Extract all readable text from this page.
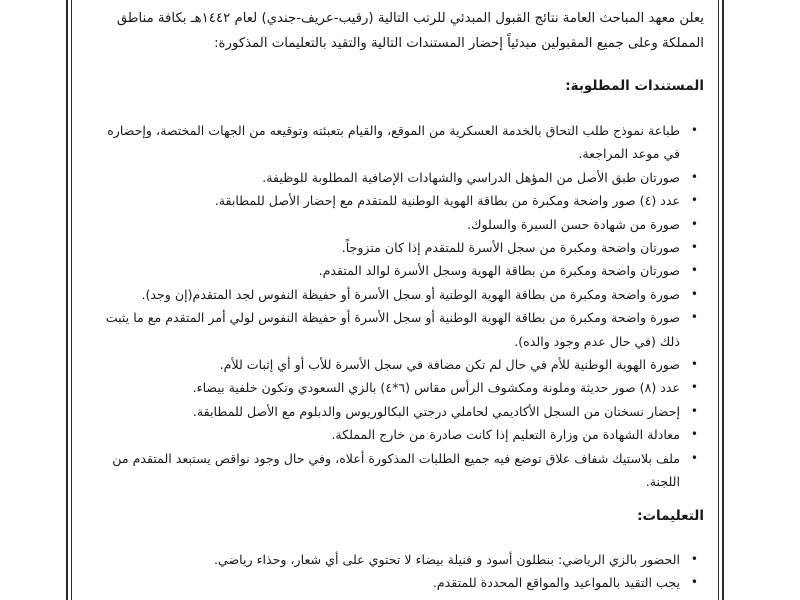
يعلن معهد المباحث العامة نتائج القبول المبدئي للرتب التالية (رقيب-عريف-جندي) لعام ١٤٤٢هـ بكافة مناطق المملكة وعلى جميع المقبولين مبدئياً إحضار المستندات التالية والتقيد بالتعليمات المذكورة:

المستندات المطلوبة:
• طباعة نموذج طلب التحاق بالخدمة العسكرية من الموقع، والقيام بتعبئته وتوقيعه من الجهات المختصة، وإحضاره في موعد المراجعة.
• صورتان طبق الأصل من المؤهل الدراسي والشهادات الإضافية المطلوبة للوظيفة.
• عدد (٤) صور واضحة ومكبرة من بطاقة الهوية الوطنية للمتقدم مع إحضار الأصل للمطابقة.
• صورة من شهادة حسن السيرة والسلوك.
• صورتان واضحة ومكبرة من سجل الأسرة للمتقدم إذا كان متزوجاً.
• صورتان واضحة ومكبرة من بطاقة الهوية وسجل الأسرة لوالد المتقدم.
• صورة واضحة ومكبرة من بطاقة الهوية الوطنية أو سجل الأسرة أو حفيظة النفوس لجد المتقدم(إن وجد).
• صورة واضحة ومكبرة من بطاقة الهوية الوطنية أو سجل الأسرة أو حفيظة النفوس لولي أمر المتقدم مع ما يثبت ذلك (في حال عدم وجود والده).
• صورة الهوية الوطنية للأم في حال لم تكن مضافة في سجل الأسرة للأب أو أي إثبات للأم.
• عدد (٨) صور حديثة وملونة ومكشوف الرأس مقاس (٦*٤) بالزي السعودي وتكون خلفية بيضاء.
• إحضار نسختان من السجل الأكاديمي لحاملي درجتي البكالوريوس والدبلوم مع الأصل للمطابقة.
• معادلة الشهادة من وزارة التعليم إذا كانت صادرة من خارج المملكة.
• ملف بلاستيك شفاف علاق توضع فيه جميع الطلبات المذكورة أعلاه، وفي حال وجود نواقص يستبعد المتقدم من اللجنة.
التعليمات:
• الحضور بالزي الرياضي: بنطلون أسود و فنيلة بيضاء لا تحتوي على أي شعار، وحذاء رياضي.
• يجب التقيد بالمواعيد والمواقع المحددة للمتقدم.
